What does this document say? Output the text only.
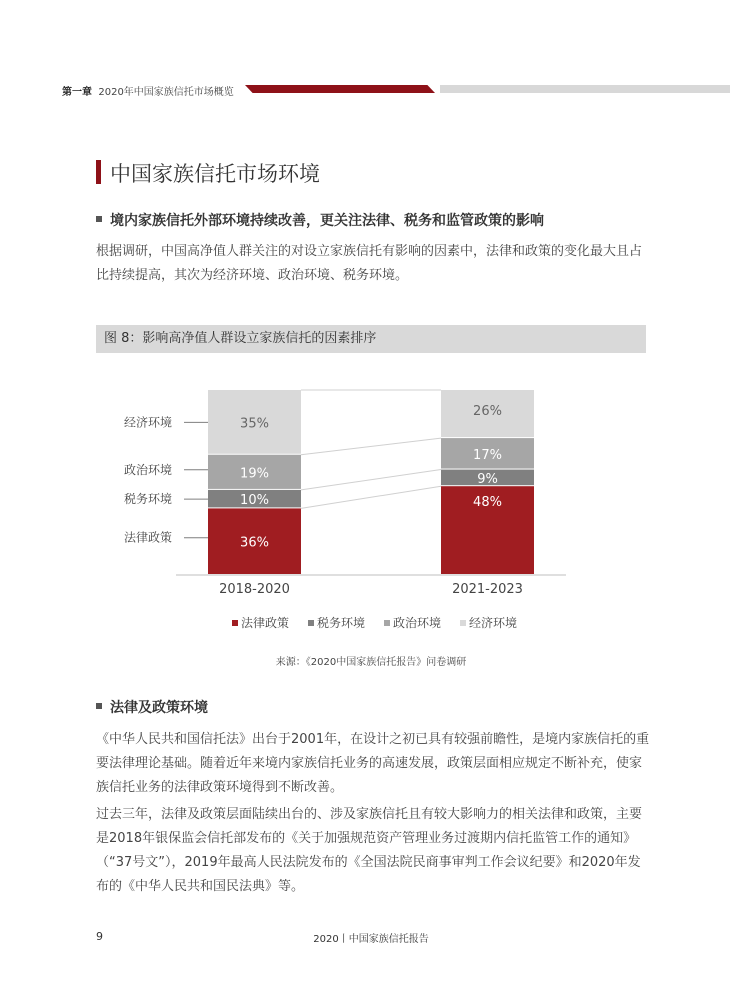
第一章 2020年中国家族信托市场概览
中国家族信托市场环境
境内家族信托外部环境持续改善，更关注法律、税务和监管政策的影响
根据调研，中国高净值人群关注的对设立家族信托有影响的因素中，法律和政策的变化最大且占比持续提高，其次为经济环境、政治环境、税务环境。
图 8：影响高净值人群设立家族信托的因素排序
36%
10%
19%
35%
2018-2020
48%
9%
17%
26%
2021-2023
法律政策
税务环境
政治环境
经济环境
法律政策 税务环境 政治环境 经济环境
来源：《2020中国家族信托报告》问卷调研
法律及政策环境
《中华人民共和国信托法》出台于2001年，在设计之初已具有较强前瞻性，是境内家族信托的重要法律理论基础。随着近年来境内家族信托业务的高速发展，政策层面相应规定不断补充，使家族信托业务的法律政策环境得到不断改善。
过去三年，法律及政策层面陆续出台的、涉及家族信托且有较大影响力的相关法律和政策，主要是2018年银保监会信托部发布的《关于加强规范资产管理业务过渡期内信托监管工作的通知》（“37号文”），2019年最高人民法院发布的《全国法院民商事审判工作会议纪要》和2020年发布的《中华人民共和国民法典》等。
9	2020丨中国家族信托报告
